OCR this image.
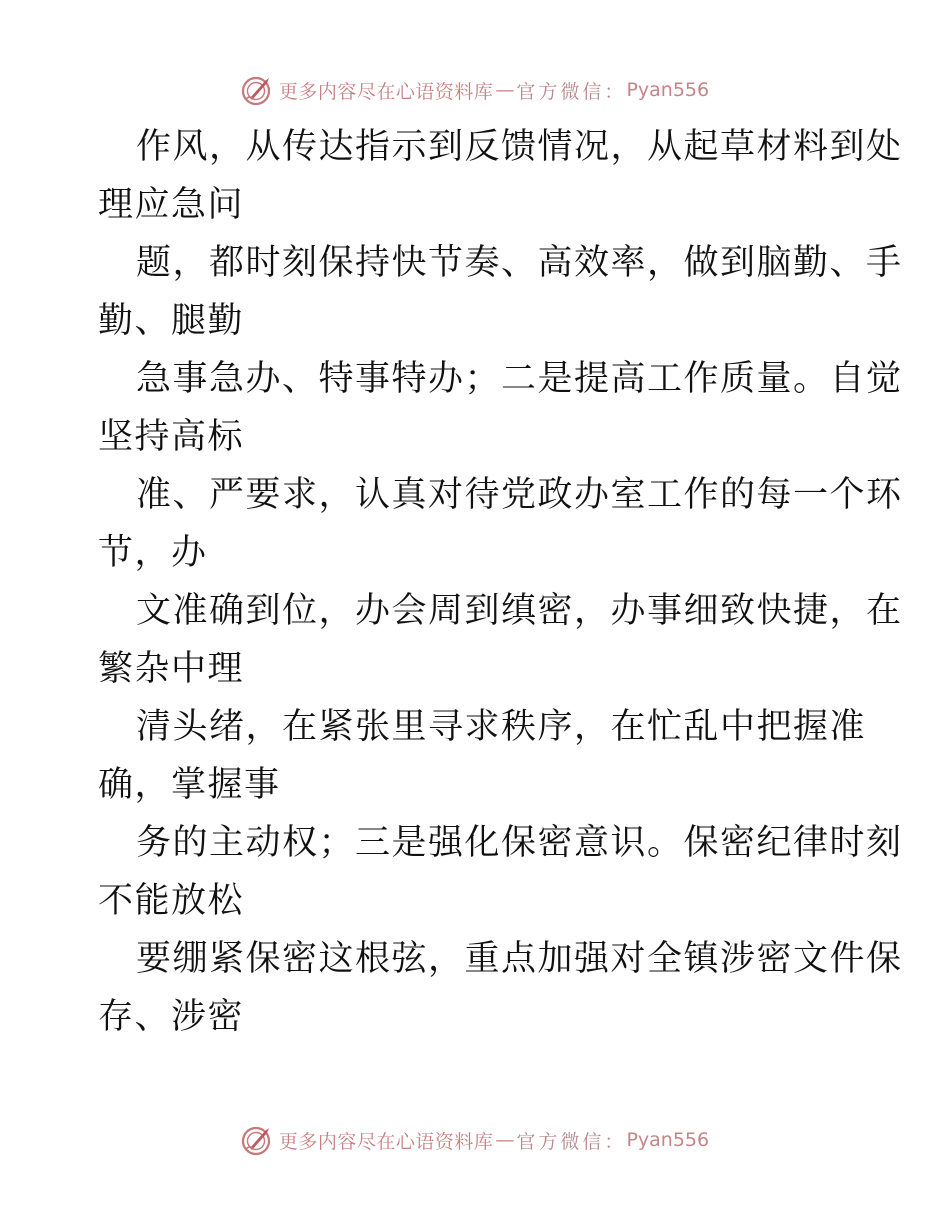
更多内容尽在心语资料库 — 官方微信： Pyan556
作风，从传达指示到反馈情况，从起草材料到处
理应急问
题，都时刻保持快节奏、高效率，做到脑勤、手
勤、腿勤
急事急办、特事特办；二是提高工作质量。自觉
坚持高标
准、严要求，认真对待党政办室工作的每一个环
节，办
文准确到位，办会周到缜密，办事细致快捷，在
繁杂中理
清头绪，在紧张里寻求秩序，在忙乱中把握准
确，掌握事
务的主动权；三是强化保密意识。保密纪律时刻
不能放松
要绷紧保密这根弦，重点加强对全镇涉密文件保
存、涉密
更多内容尽在心语资料库 — 官方微信： Pyan556
